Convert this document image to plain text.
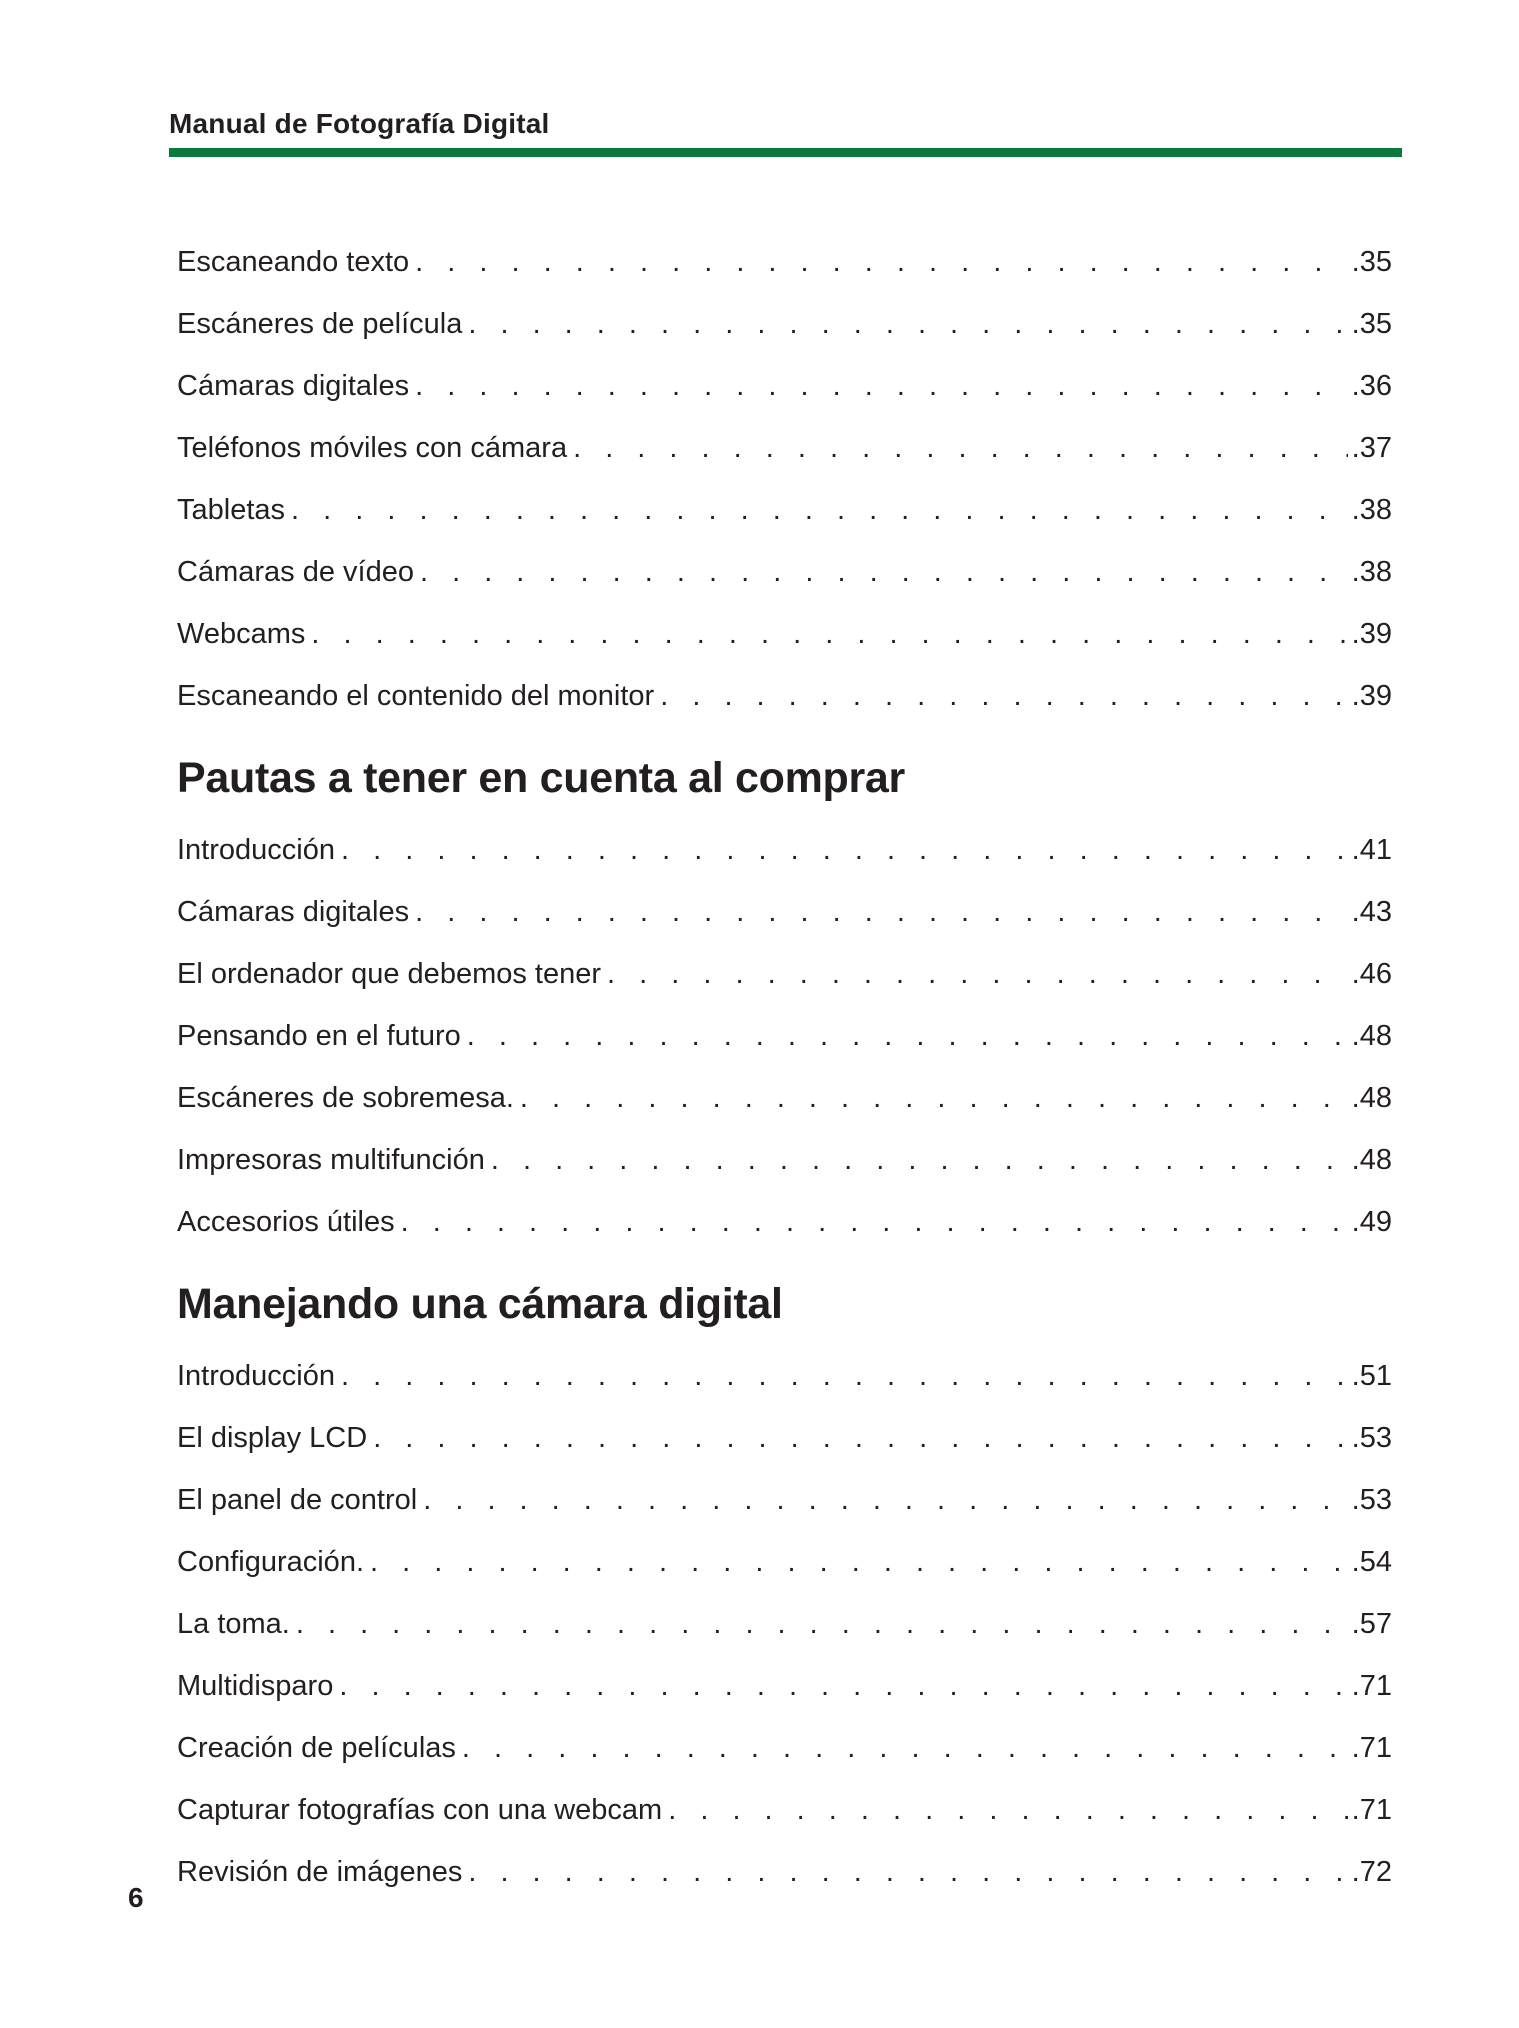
Manual de Fotografía Digital
Escaneando texto . . .	.35
Escáneres de película . . .	.35
Cámaras digitales . . .	.36
Teléfonos móviles con cámara . . .	.37
Tabletas . . .	.38
Cámaras de vídeo . . .	.38
Webcams . . .	.39
Escaneando el contenido del monitor . . .	.39
Pautas a tener en cuenta al comprar
Introducción . . .	.41
Cámaras digitales . . .	.43
El ordenador que debemos tener . . .	.46
Pensando en el futuro . . .	.48
Escáneres de sobremesa. . . .	.48
Impresoras multifunción . . .	.48
Accesorios útiles . . .	.49
Manejando una cámara digital
Introducción . . .	.51
El display LCD . . .	.53
El panel de control . . .	.53
Configuración. . . .	.54
La toma. . . .	.57
Multidisparo . . .	.71
Creación de películas . . .	.71
Capturar fotografías con una webcam . . .	.71
Revisión de imágenes . . .	.72
6
